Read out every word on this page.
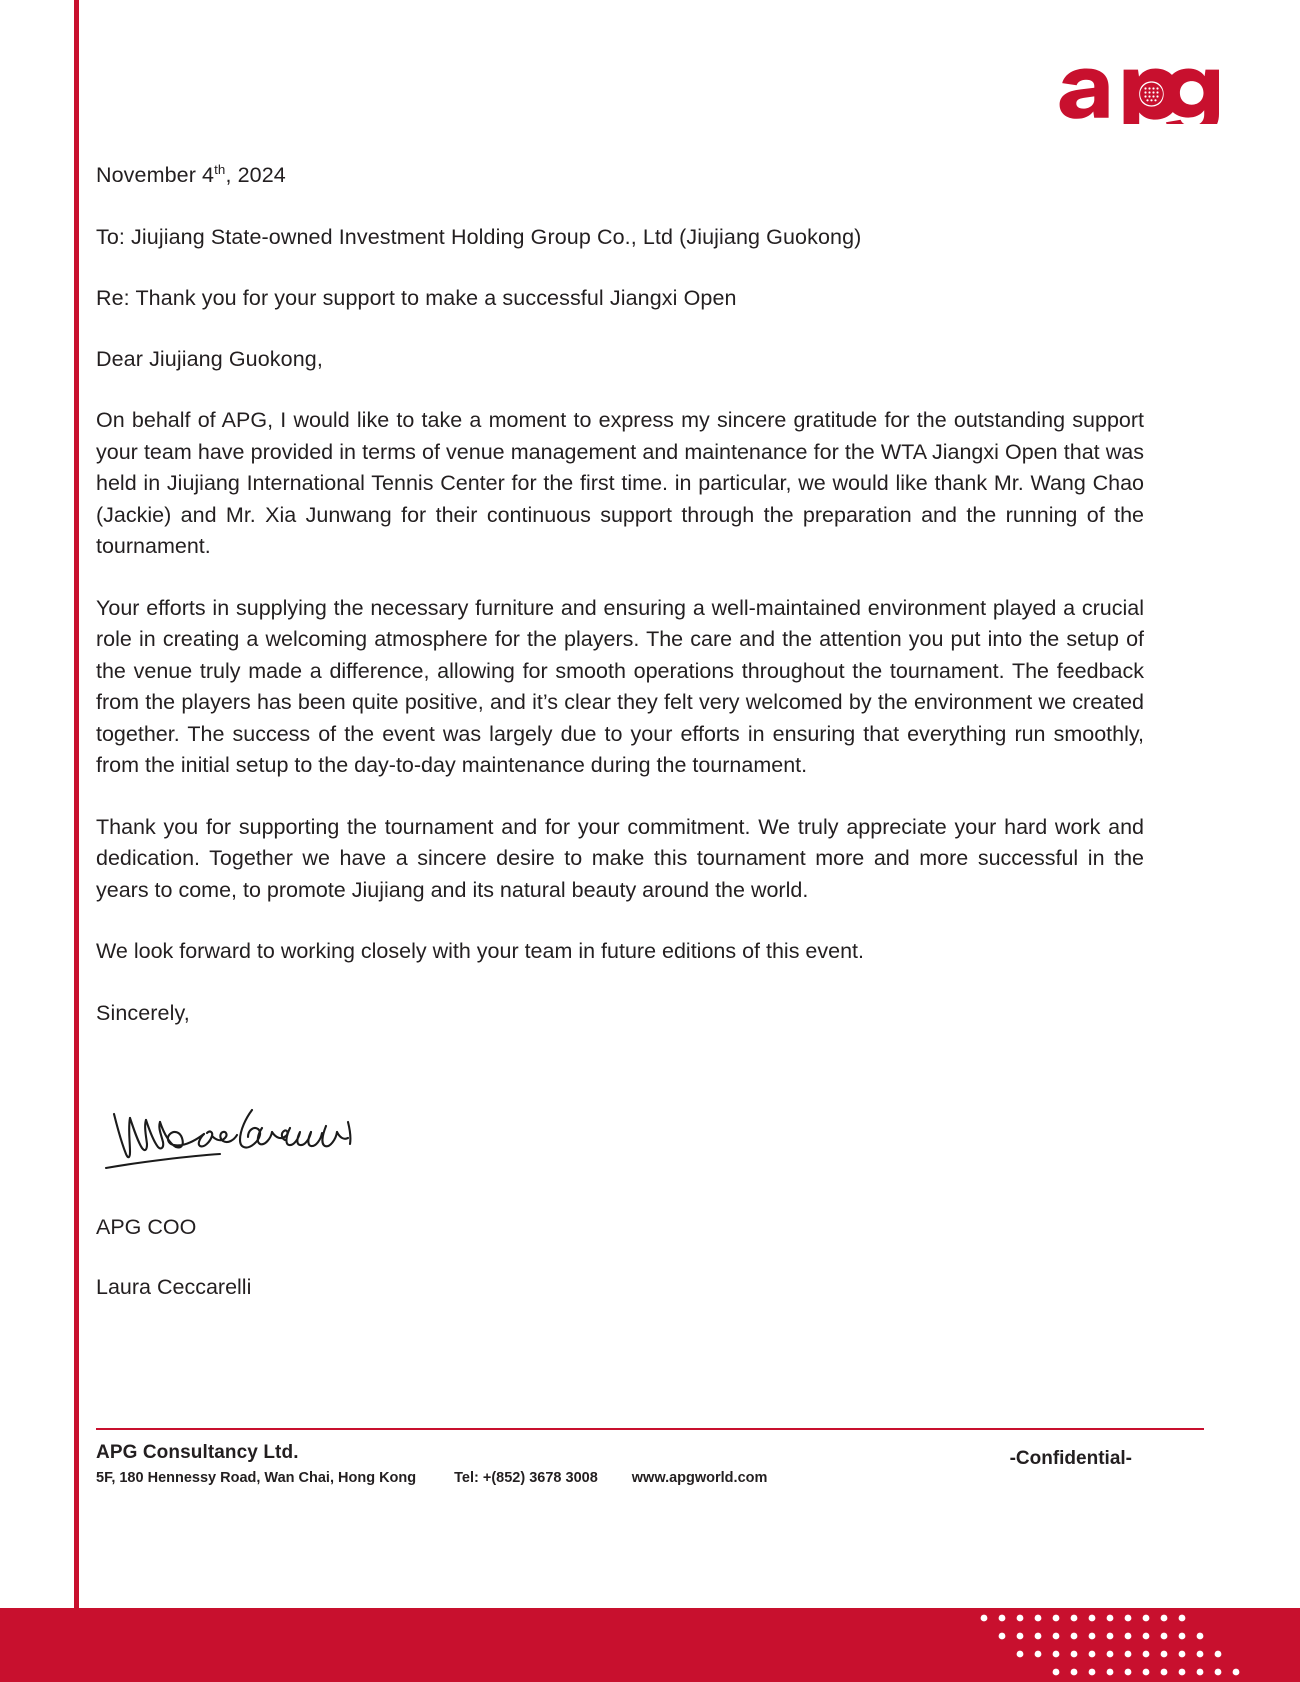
November 4th, 2024

To: Jiujiang State-owned Investment Holding Group Co., Ltd (Jiujiang Guokong)

Re: Thank you for your support to make a successful Jiangxi Open

Dear Jiujiang Guokong,

On behalf of APG, I would like to take a moment to express my sincere gratitude for the outstanding support your team have provided in terms of venue management and maintenance for the WTA Jiangxi Open that was held in Jiujiang International Tennis Center for the first time. in particular, we would like thank Mr. Wang Chao (Jackie) and Mr. Xia Junwang for their continuous support through the preparation and the running of the tournament.

Your efforts in supplying the necessary furniture and ensuring a well-maintained environment played a crucial role in creating a welcoming atmosphere for the players. The care and the attention you put into the setup of the venue truly made a difference, allowing for smooth operations throughout the tournament. The feedback from the players has been quite positive, and it’s clear they felt very welcomed by the environment we created together. The success of the event was largely due to your efforts in ensuring that everything run smoothly, from the initial setup to the day-to-day maintenance during the tournament.

Thank you for supporting the tournament and for your commitment. We truly appreciate your hard work and dedication. Together we have a sincere desire to make this tournament more and more successful in the years to come, to promote Jiujiang and its natural beauty around the world.

We look forward to working closely with your team in future editions of this event.

Sincerely,

APG COO
Laura Ceccarelli
APG Consultancy Ltd.
5F, 180 Hennessy Road, Wan Chai, Hong Kong	Tel: +(852) 3678 3008 www.apgworld.com
-Confidential-
